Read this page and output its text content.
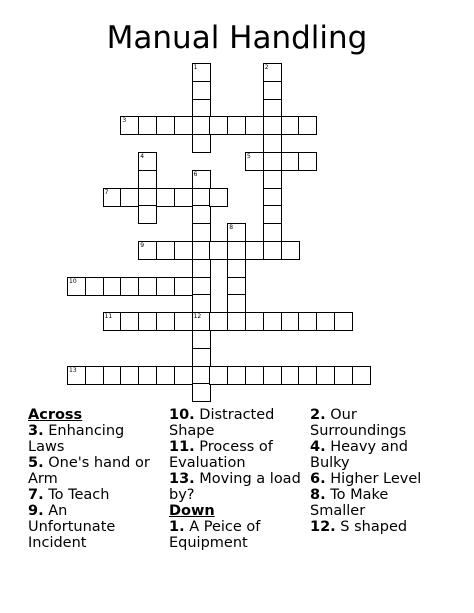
Manual Handling
1	2
3
4	5
6
12
7
8
9
10
11
13
Across
3. Enhancing Laws
5. One's hand or Arm
7. To Teach
9. An Unfortunate Incident
10. Distracted Shape
11. Process of Evaluation
13. Moving a load by?
Down
1. A Peice of Equipment
2. Our Surroundings
4. Heavy and Bulky
6. Higher Level
8. To Make Smaller
12. S shaped
